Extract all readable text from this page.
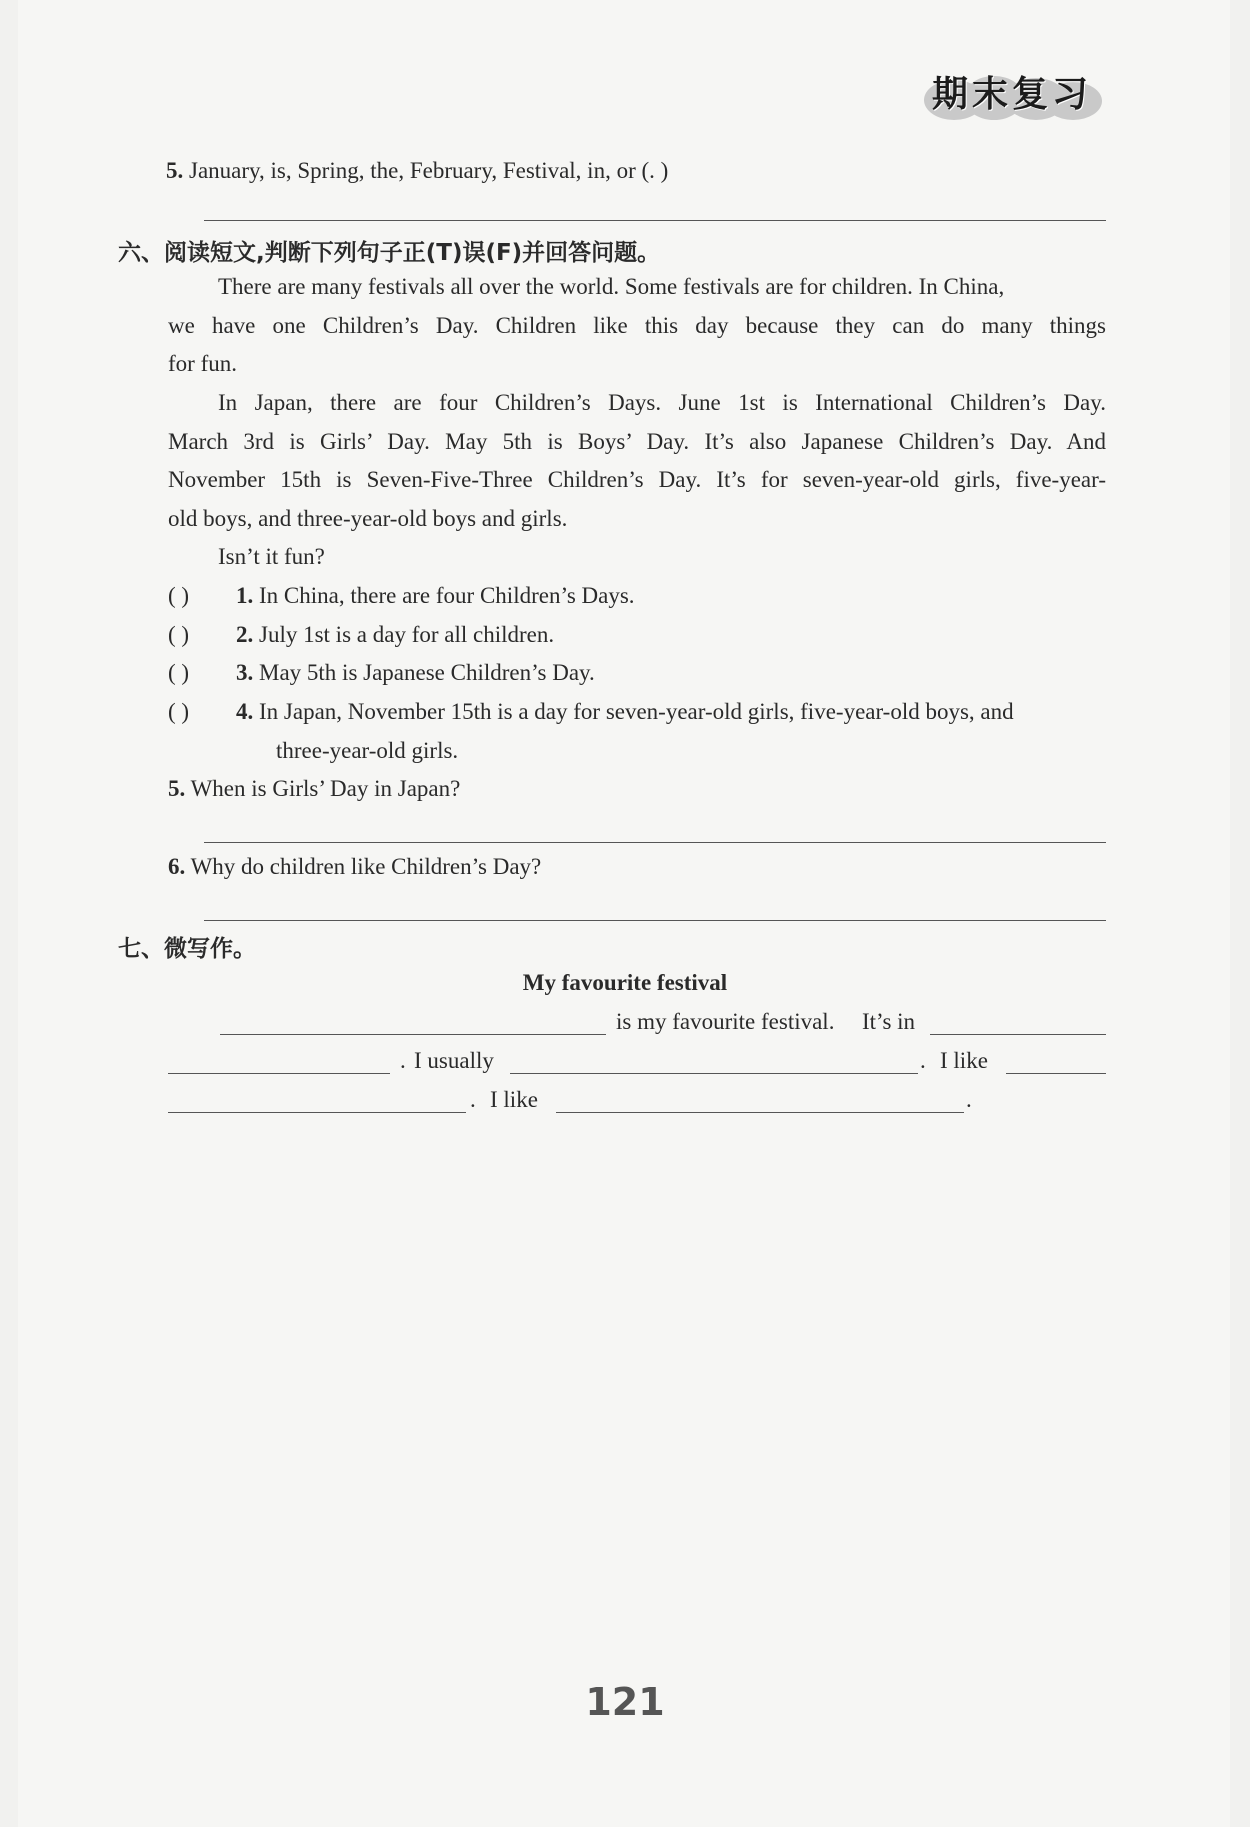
期末复习
5. January, is, Spring, the, February, Festival, in, or (. )
六、阅读短文,判断下列句子正(T)误(F)并回答问题。
There are many festivals all over the world. Some festivals are for children. In China,
we have one Children’s Day. Children like this day because they can do many things
for fun.
In Japan, there are four Children’s Days. June 1st is International Children’s Day.
March 3rd is Girls’ Day. May 5th is Boys’ Day. It’s also Japanese Children’s Day. And
November 15th is Seven-Five-Three Children’s Day. It’s for seven-year-old girls, five-year-
old boys, and three-year-old boys and girls.
Isn’t it fun?
( ) 1. In China, there are four Children’s Days.
( ) 2. July 1st is a day for all children.
( ) 3. May 5th is Japanese Children’s Day.
( ) 4. In Japan, November 15th is a day for seven-year-old girls, five-year-old boys, and
three-year-old girls.
5. When is Girls’ Day in Japan?
6. Why do children like Children’s Day?
七、微写作。
My favourite festival
is my favourite festival. It’s in
. I usually	. I like
. I like	.
121
